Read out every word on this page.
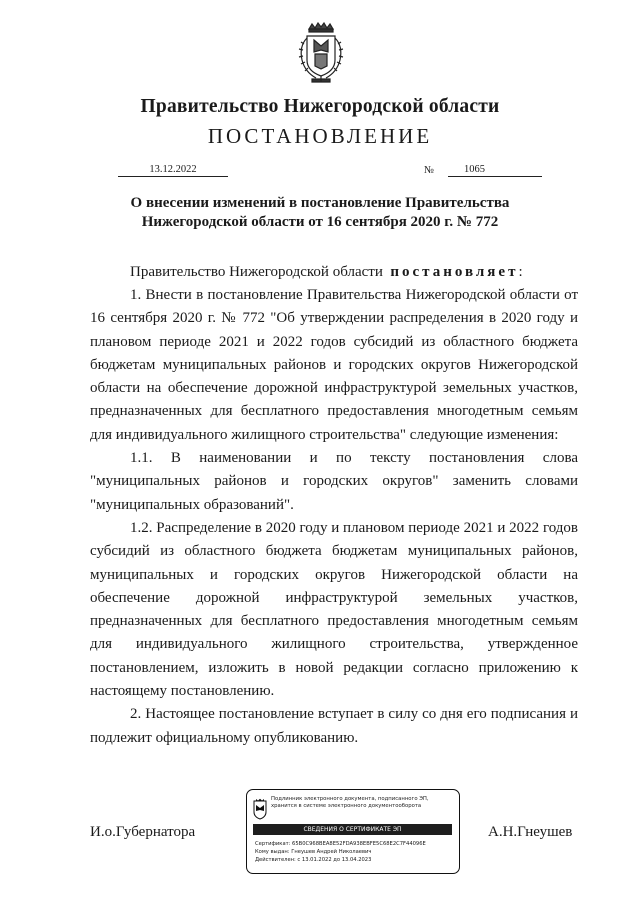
Правительство Нижегородской области
ПОСТАНОВЛЕНИЕ
13.12.2022	№	1065
О внесении изменений в постановление Правительства
Нижегородской области от 16 сентября 2020 г. № 772

Правительство Нижегородской области постановляет:

1. Внести в постановление Правительства Нижегородской области от 16 сентября 2020 г. № 772 "Об утверждении распределения в 2020 году и плановом периоде 2021 и 2022 годов субсидий из областного бюджета бюджетам муниципальных районов и городских округов Нижегородской области на обеспечение дорожной инфраструктурой земельных участков, предназначенных для бесплатного предоставления многодетным семьям для индивидуального жилищного строительства" следующие изменения:

1.1. В наименовании и по тексту постановления слова "муниципальных районов и городских округов" заменить словами "муниципальных образований".

1.2. Распределение в 2020 году и плановом периоде 2021 и 2022 годов субсидий из областного бюджета бюджетам муниципальных районов, муниципальных и городских округов Нижегородской области на обеспечение дорожной инфраструктурой земельных участков, предназначенных для бесплатного предоставления многодетным семьям для индивидуального жилищного строительства, утвержденное постановлением, изложить в новой редакции согласно приложению к настоящему постановлению.

2. Настоящее постановление вступает в силу со дня его подписания и подлежит официальному опубликованию.

И.о.Губернатора	А.Н.Гнеушев
Подлинник электронного документа, подписанного ЭП, хранится в системе электронного документооборота
СВЕДЕНИЯ О СЕРТИФИКАТЕ ЭП
Сертификат: 65B0C968BEA8E52FDA938EBFE5C68E2C7F44096E
Кому выдан: Гнеушев Андрей Николаевич
Действителен: с 13.01.2022 до 13.04.2023
